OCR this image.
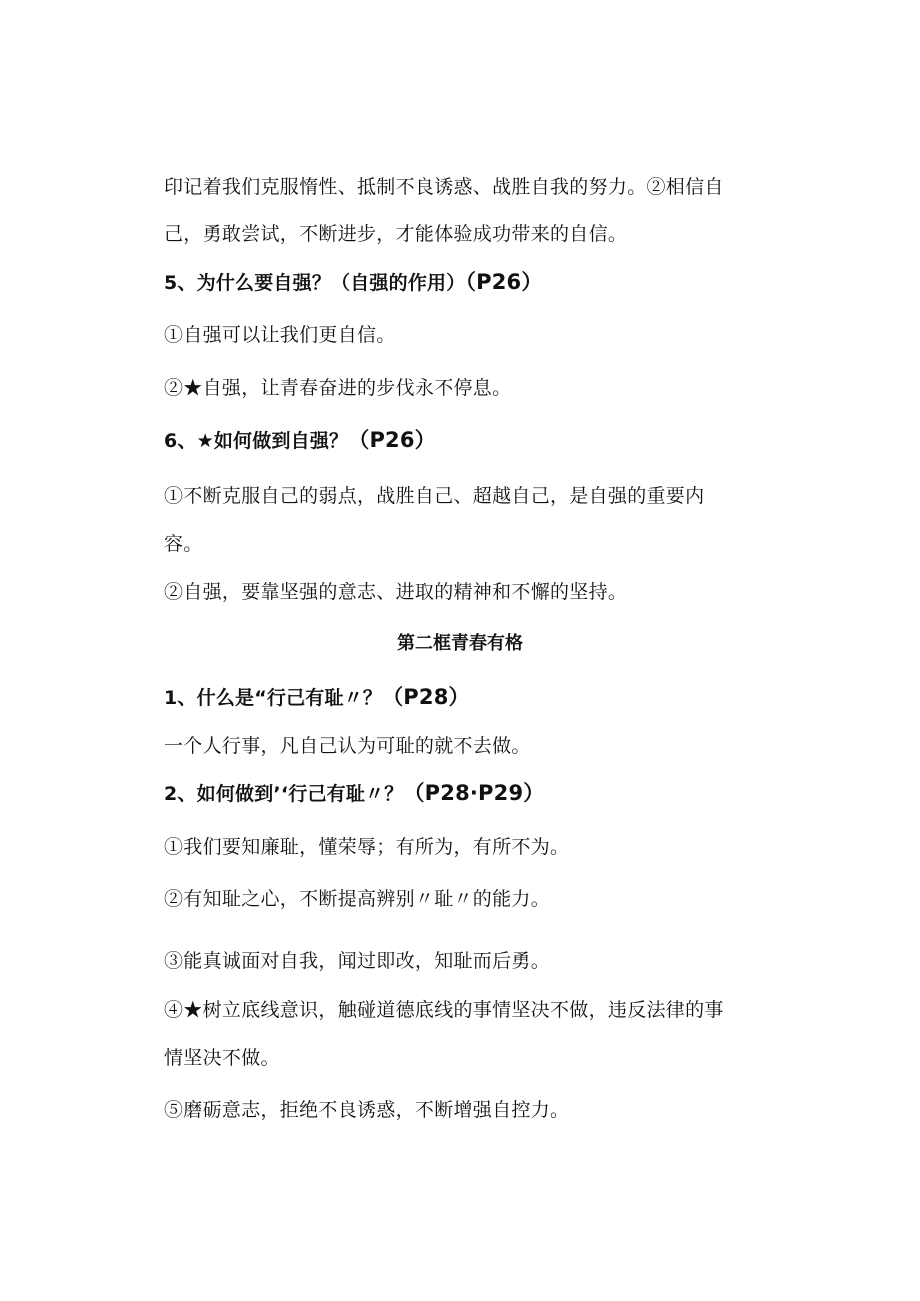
印记着我们克服惰性、抵制不良诱惑、战胜自我的努力。②相信自
己，勇敢尝试，不断进步，才能体验成功带来的自信。
5、为什么要自强？（自强的作用）（P26）
①自强可以让我们更自信。
②★自强，让青春奋进的步伐永不停息。
6、★如何做到自强？（P26）
①不断克服自己的弱点，战胜自己、超越自己，是自强的重要内
容。
②自强，要靠坚强的意志、进取的精神和不懈的坚持。
第二框青春有格
1、什么是“行己有耻〃？（P28）
一个人行事，凡自己认为可耻的就不去做。
2、如何做到’‘行己有耻〃？（P28·P29）
①我们要知廉耻，懂荣辱；有所为，有所不为。
②有知耻之心，不断提高辨别〃耻〃的能力。
③能真诚面对自我，闻过即改，知耻而后勇。
④★树立底线意识，触碰道德底线的事情坚决不做，违反法律的事
情坚决不做。
⑤磨砺意志，拒绝不良诱惑，不断增强自控力。
